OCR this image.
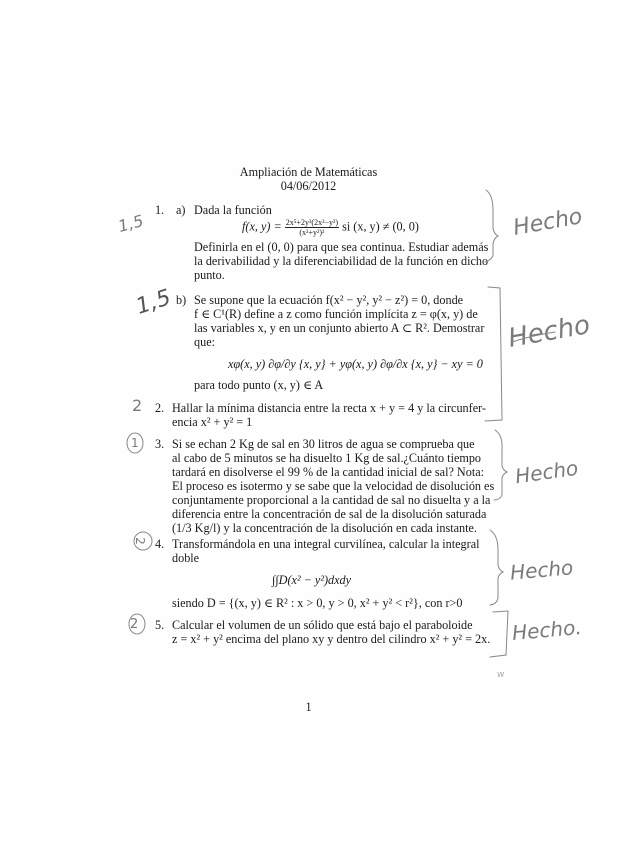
Ampliación de Matemáticas
04/06/2012
1. a) Dada la función
f(x, $y) = \frac{\text{2x⁵+2y³(2x²−y²)}}{\text{(x²+y²)²}}$ si (x, y) ≠ (0, 0)
Definirla en el (0, 0) para que sea continua. Estudiar además
la derivabilidad y la diferenciabilidad de la función en dicho
punto.
b) Se supone que la ecuación f(x² − y², y² − z²) = 0, donde
f ∈ C¹(R) define a z como función implícita z = φ(x, y) de
las variables x, y en un conjunto abierto A ⊂ R². Demostrar
que:
xφ(x, y) ∂φ/∂y {x, y} + yφ(x, y) ∂φ/∂x {x, y} − xy = 0
para todo punto (x, y) ∈ A
2. Hallar la mínima distancia entre la recta x + y = 4 y la circunfer-
encia x² + y² = 1
3. Si se echan 2 Kg de sal en 30 litros de agua se comprueba que
al cabo de 5 minutos se ha disuelto 1 Kg de sal.¿Cuánto tiempo
tardará en disolverse el 99 % de la cantidad inicial de sal? Nota:
El proceso es isotermo y se sabe que la velocidad de disolución es
conjuntamente proporcional a la cantidad de sal no disuelta y a la
diferencia entre la concentración de sal de la disolución saturada
(1/3 Kg/l) y la concentración de la disolución en cada instante.
4. Transformándola en una integral curvilínea, calcular la integral
doble
∫∫D(x² − y²)dxdy
siendo D = {(x, y) ∈ R² : x > 0, y > 0, x² + y² < r²}, con r>0
5. Calcular el volumen de un sólido que está bajo el paraboloide
z = x² + y² encima del plano xy y dentro del cilindro x² + y² = 2x.
1
1,5
1,5
2
1
2
2
Hecho
Hecho
Hecho
Hecho
Hecho.
w
